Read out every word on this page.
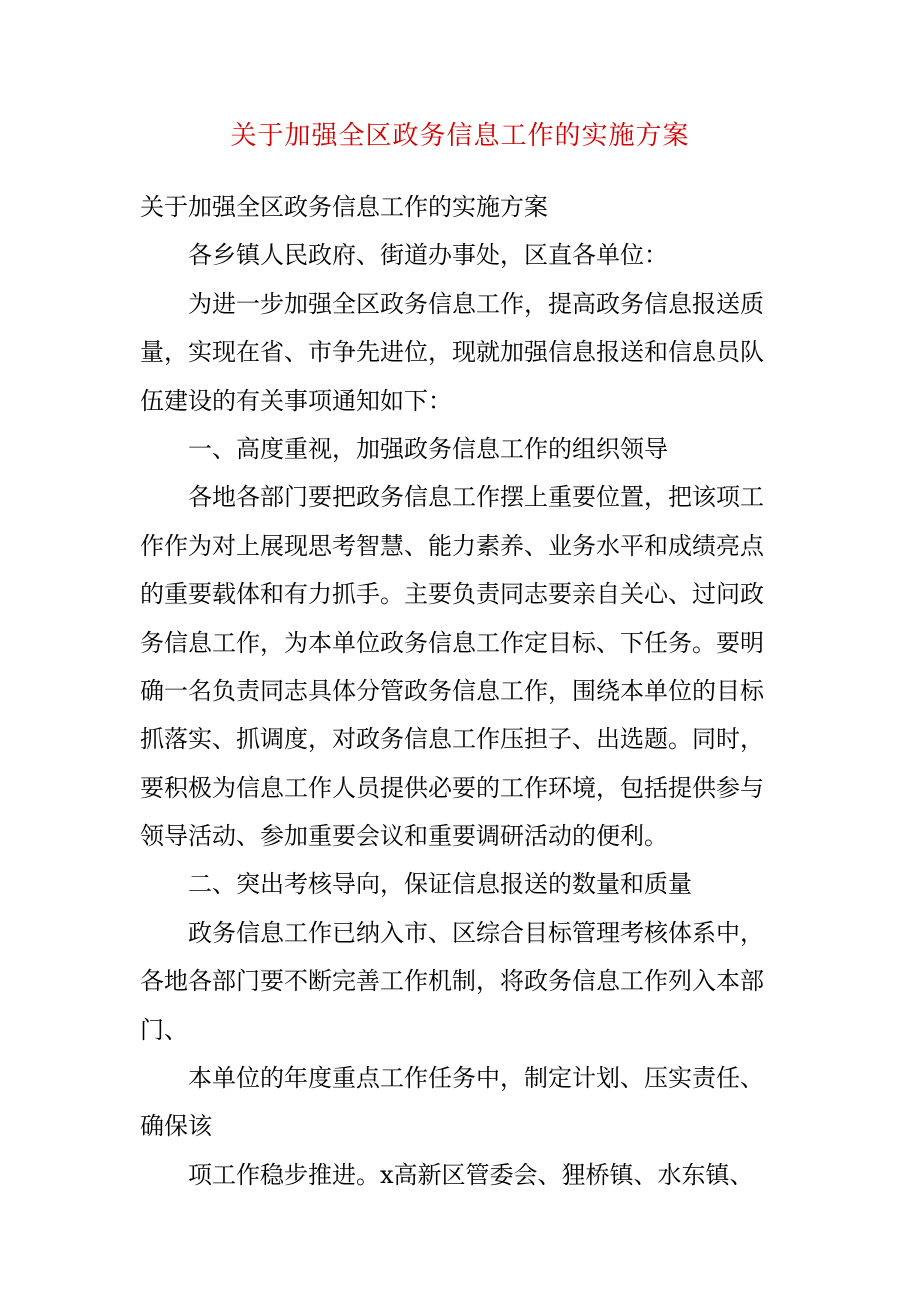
关于加强全区政务信息工作的实施方案
关于加强全区政务信息工作的实施方案
各乡镇人民政府、街道办事处，区直各单位：
为进一步加强全区政务信息工作，提高政务信息报送质
量，实现在省、市争先进位，现就加强信息报送和信息员队
伍建设的有关事项通知如下：
一、高度重视，加强政务信息工作的组织领导
各地各部门要把政务信息工作摆上重要位置，把该项工
作作为对上展现思考智慧、能力素养、业务水平和成绩亮点
的重要载体和有力抓手。主要负责同志要亲自关心、过问政
务信息工作，为本单位政务信息工作定目标、下任务。要明
确一名负责同志具体分管政务信息工作，围绕本单位的目标
抓落实、抓调度，对政务信息工作压担子、出选题。同时，
要积极为信息工作人员提供必要的工作环境，包括提供参与
领导活动、参加重要会议和重要调研活动的便利。
二、突出考核导向，保证信息报送的数量和质量
政务信息工作已纳入市、区综合目标管理考核体系中，
各地各部门要不断完善工作机制，将政务信息工作列入本部
门、
本单位的年度重点工作任务中，制定计划、压实责任、
确保该
项工作稳步推进。x高新区管委会、狸桥镇、水东镇、
